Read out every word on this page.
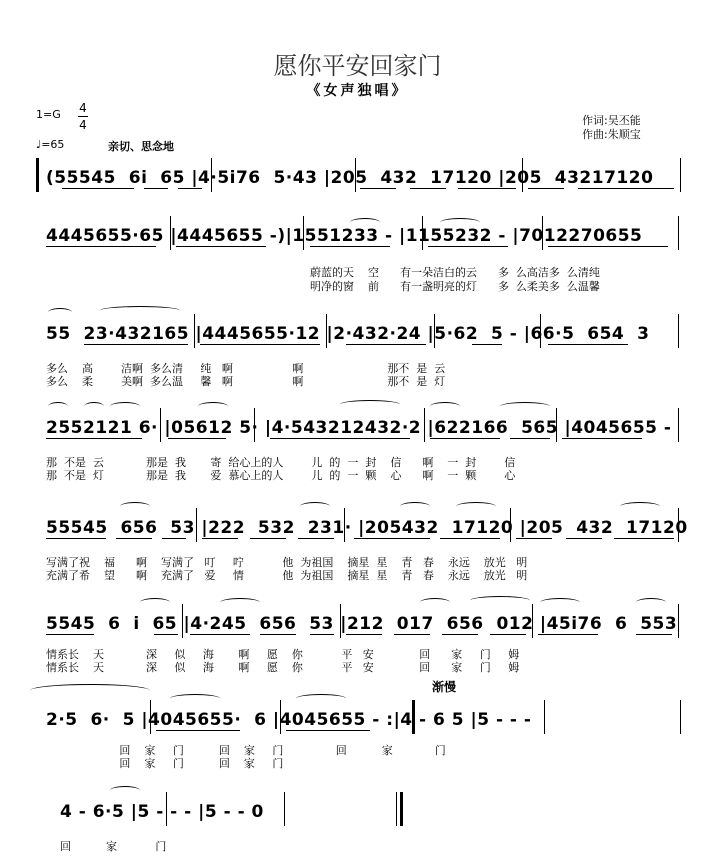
愿你平安回家门
《女声独唱》
1=G 4
4
♩=65	亲切、思念地
作词:吴丕能
作曲:朱顺宝
(55545  6i  65 |4·5i76  5·43 |205  432  17120 |205  43217120
4445655·65 |4445655 -)|1551233 - |1155232 - |7012270655
蔚蓝的天    空      有一朵洁白的云      多  么高洁多  么清纯
明净的窗    前      有一盏明亮的灯      多  么柔美多  么温馨
55  23·432165 |4445655·12 |2·432·24 |5·62  5 - |66·5  654  3
多么    高        洁啊  多么清     纯   啊                 啊                        那不  是  云
多么    柔        美啊  多么温     馨   啊                 啊                        那不  是  灯
2552121 6· |05612 5· |4·543212432·2 |622166  565 |4045655 -
那  不是  云            那是  我       寄  给心上的人        儿  的  一  封    信      啊    一  封        信
那  不是  灯            那是  我       爱  慕心上的人        儿  的  一  颗    心      啊    一  颗        心
55545  656  53 |222  532  231· |205432  17120 |205  432  17120
写满了祝    福      啊    写满了   叮     咛           他  为祖国    摘星  星    青   春    永远    放光   明
充满了希    望      啊    充满了   爱     情           他  为祖国    摘星  星    青   春    永远    放光   明
5545  6  i  65 |4·245  656  53 |212  017  656  012 |45i76  6  553
情系长    天            深     似     海       啊     愿    你           平   安             回      家     门     姆
情系长    天            深     似     海       啊     愿    你           平   安             回      家     门     姆
渐慢
2·5  6·  5 |4045655·  6 |4045655 - :|4 - 6 5 |5 - - -
回    家     门          回    家     门               回          家            门
回    家     门          回    家     门
4 - 6·5 |5 - - - |5 - - 0
回          家           门
